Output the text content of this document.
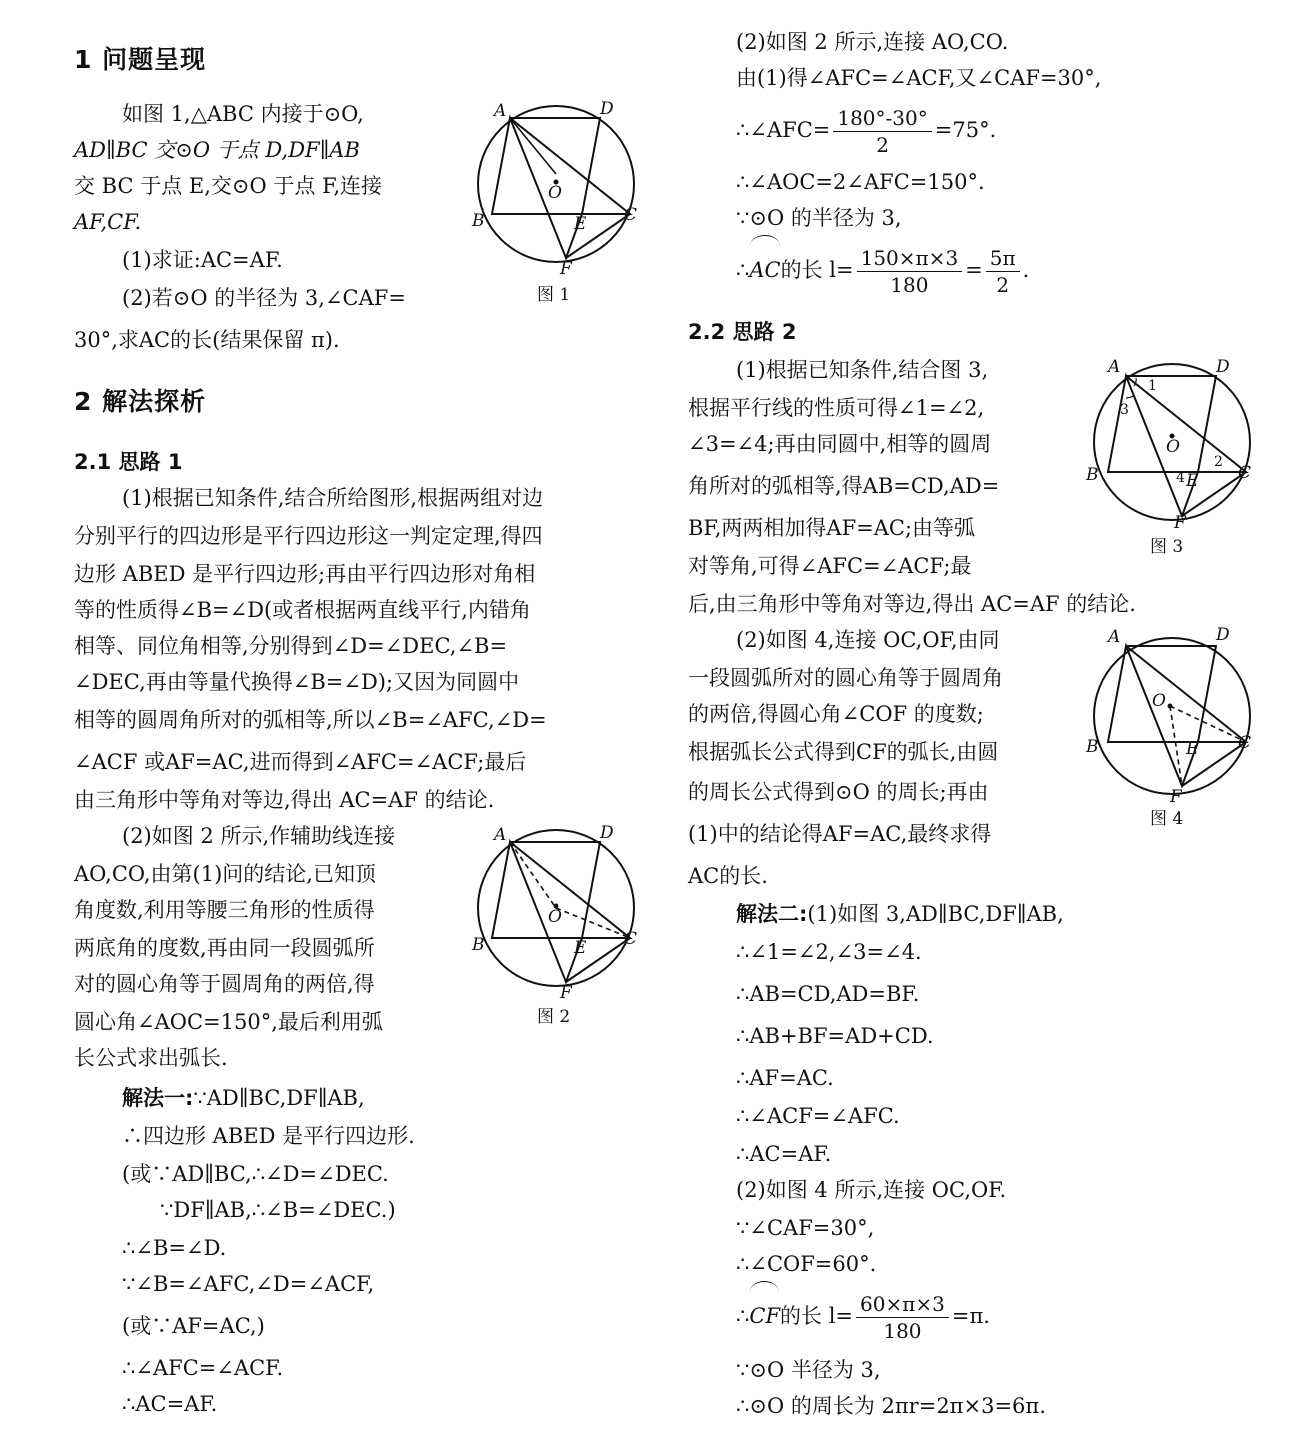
1 问题呈现
如图 1,△ABC 内接于⊙O,
AD∥BC 交⊙O 于点 D,DF∥AB
交 BC 于点 E,交⊙O 于点 F,连接
AF,CF.
(1)求证:AC=AF.
(2)若⊙O 的半径为 3,∠CAF=
30°,求AC的长(结果保留 π).
2 解法探析
2.1 思路 1
(1)根据已知条件,结合所给图形,根据两组对边
分别平行的四边形是平行四边形这一判定定理,得四
边形 ABED 是平行四边形;再由平行四边形对角相
等的性质得∠B=∠D(或者根据两直线平行,内错角
相等、同位角相等,分别得到∠D=∠DEC,∠B=
∠DEC,再由等量代换得∠B=∠D);又因为同圆中
相等的圆周角所对的弧相等,所以∠B=∠AFC,∠D=
∠ACF 或AF=AC,进而得到∠AFC=∠ACF;最后
由三角形中等角对等边,得出 AC=AF 的结论.
(2)如图 2 所示,作辅助线连接
AO,CO,由第(1)问的结论,已知顶
角度数,利用等腰三角形的性质得
两底角的度数,再由同一段圆弧所
对的圆心角等于圆周角的两倍,得
圆心角∠AOC=150°,最后利用弧
长公式求出弧长.
解法一:∵AD∥BC,DF∥AB,
∴四边形 ABED 是平行四边形.
(或∵AD∥BC,∴∠D=∠DEC.
∵DF∥AB,∴∠B=∠DEC.)
∴∠B=∠D.
∵∠B=∠AFC,∠D=∠ACF,
(或∵AF=AC,)
∴∠AFC=∠ACF.
∴AC=AF.
A	D
B	C
E
F
O
图 1
A	D
B	C
E
F
O
图 2
(2)如图 2 所示,连接 AO,CO.
由(1)得∠AFC=∠ACF,又∠CAF=30°,
∴∠AFC= $\frac{180^\circ-30^\circ}{2} =75^\circ$.
∴∠AOC=2∠AFC=150°.
∵⊙O 的半径为 3,
∴AC的长 $l= \frac{150\times\pi\times 3}{180} = \frac{5\pi}{2}$ .
2.2 思路 2
(1)根据已知条件,结合图 3,
根据平行线的性质可得∠1=∠2,
∠3=∠4;再由同圆中,相等的圆周
角所对的弧相等,得AB=CD,AD=
BF,两两相加得AF=AC;由等弧
对等角,可得∠AFC=∠ACF;最
后,由三角形中等角对等边,得出 AC=AF 的结论.
(2)如图 4,连接 OC,OF,由同
一段圆弧所对的圆心角等于圆周角
的两倍,得圆心角∠COF 的度数;
根据弧长公式得到CF的弧长,由圆
的周长公式得到⊙O 的周长;再由
(1)中的结论得AF=AC,最终求得
AC的长.
解法二:(1)如图 3,AD∥BC,DF∥AB,
∴∠1=∠2,∠3=∠4.
∴AB=CD,AD=BF.
∴AB+BF=AD+CD.
∴AF=AC.
∴∠ACF=∠AFC.
∴AC=AF.
(2)如图 4 所示,连接 OC,OF.
∵∠CAF=30°,
∴∠COF=60°.
∴CF的长 $l= \frac{60\times\pi\times 3}{180} =\pi$.
∵⊙O 半径为 3,
∴⊙O 的周长为 2πr=2π×3=6π.
A	D
B	C
E
F
O
1
3
2
4
图 3
A	D
B	C
E
F
O
图 4
